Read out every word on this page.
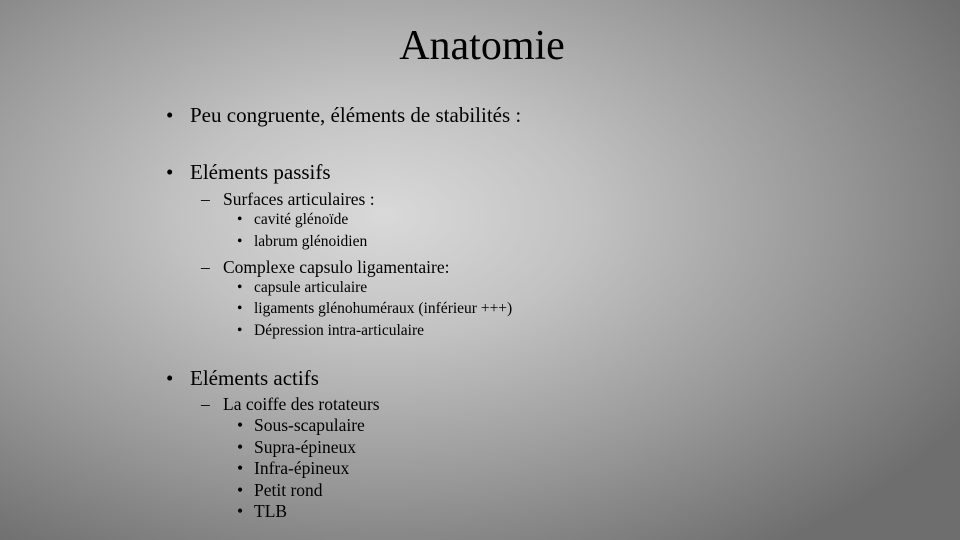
Anatomie
• Peu congruente, éléments de stabilités :
• Eléments passifs
– Surfaces articulaires :
• cavité glénoïde
• labrum glénoidien
– Complexe capsulo ligamentaire:
• capsule articulaire
• ligaments glénohuméraux (inférieur +++)
• Dépression intra-articulaire
• Eléments actifs
– La coiffe des rotateurs
• Sous-scapulaire
• Supra-épineux
• Infra-épineux
• Petit rond
• TLB
